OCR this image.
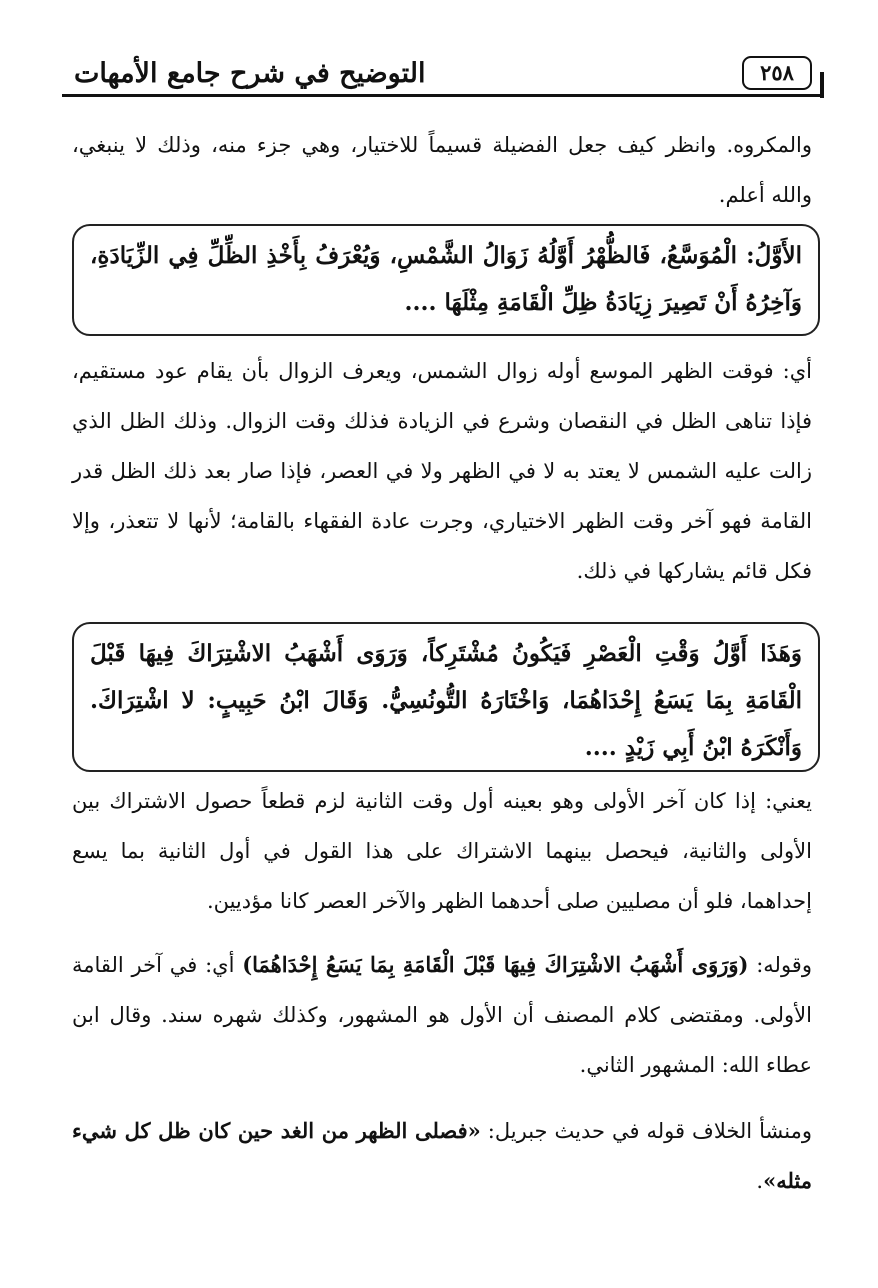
التوضيح في شرح جامع الأمهات	٢٥٨
والمكروه. وانظر كيف جعل الفضيلة قسيماً للاختيار، وهي جزء منه، وذلك لا ينبغي، والله أعلم.
الأَوَّلُ: الْمُوَسَّعُ، فَالظُّهْرُ أَوَّلُهُ زَوَالُ الشَّمْسِ، وَيُعْرَفُ بِأَخْذِ الظِّلِّ فِي الزِّيَادَةِ، وَآخِرُهُ أَنْ تَصِيرَ زِيَادَةُ ظِلِّ الْقَامَةِ مِثْلَهَا ....
أي: فوقت الظهر الموسع أوله زوال الشمس، ويعرف الزوال بأن يقام عود مستقيم، فإذا تناهى الظل في النقصان وشرع في الزيادة فذلك وقت الزوال. وذلك الظل الذي زالت عليه الشمس لا يعتد به لا في الظهر ولا في العصر، فإذا صار بعد ذلك الظل قدر القامة فهو آخر وقت الظهر الاختياري، وجرت عادة الفقهاء بالقامة؛ لأنها لا تتعذر، وإلا فكل قائم يشاركها في ذلك.
وَهَذَا أَوَّلُ وَقْتِ الْعَصْرِ فَيَكُونُ مُشْتَرِكاً، وَرَوَى أَشْهَبُ الاشْتِرَاكَ فِيهَا قَبْلَ الْقَامَةِ بِمَا يَسَعُ إِحْدَاهُمَا، وَاخْتَارَهُ التُّونُسِيُّ. وَقَالَ ابْنُ حَبِيبٍ: لا اشْتِرَاكَ. وَأَنْكَرَهُ ابْنُ أَبِي زَيْدٍ ....
يعني: إذا كان آخر الأولى وهو بعينه أول وقت الثانية لزم قطعاً حصول الاشتراك بين الأولى والثانية، فيحصل بينهما الاشتراك على هذا القول في أول الثانية بما يسع إحداهما، فلو أن مصليين صلى أحدهما الظهر والآخر العصر كانا مؤديين.
وقوله: (وَرَوَى أَشْهَبُ الاشْتِرَاكَ فِيهَا قَبْلَ الْقَامَةِ بِمَا يَسَعُ إِحْدَاهُمَا) أي: في آخر القامة الأولى. ومقتضى كلام المصنف أن الأول هو المشهور، وكذلك شهره سند. وقال ابن عطاء الله: المشهور الثاني.
ومنشأ الخلاف قوله في حديث جبريل: «فصلى الظهر من الغد حين كان ظل كل شيء مثله».
